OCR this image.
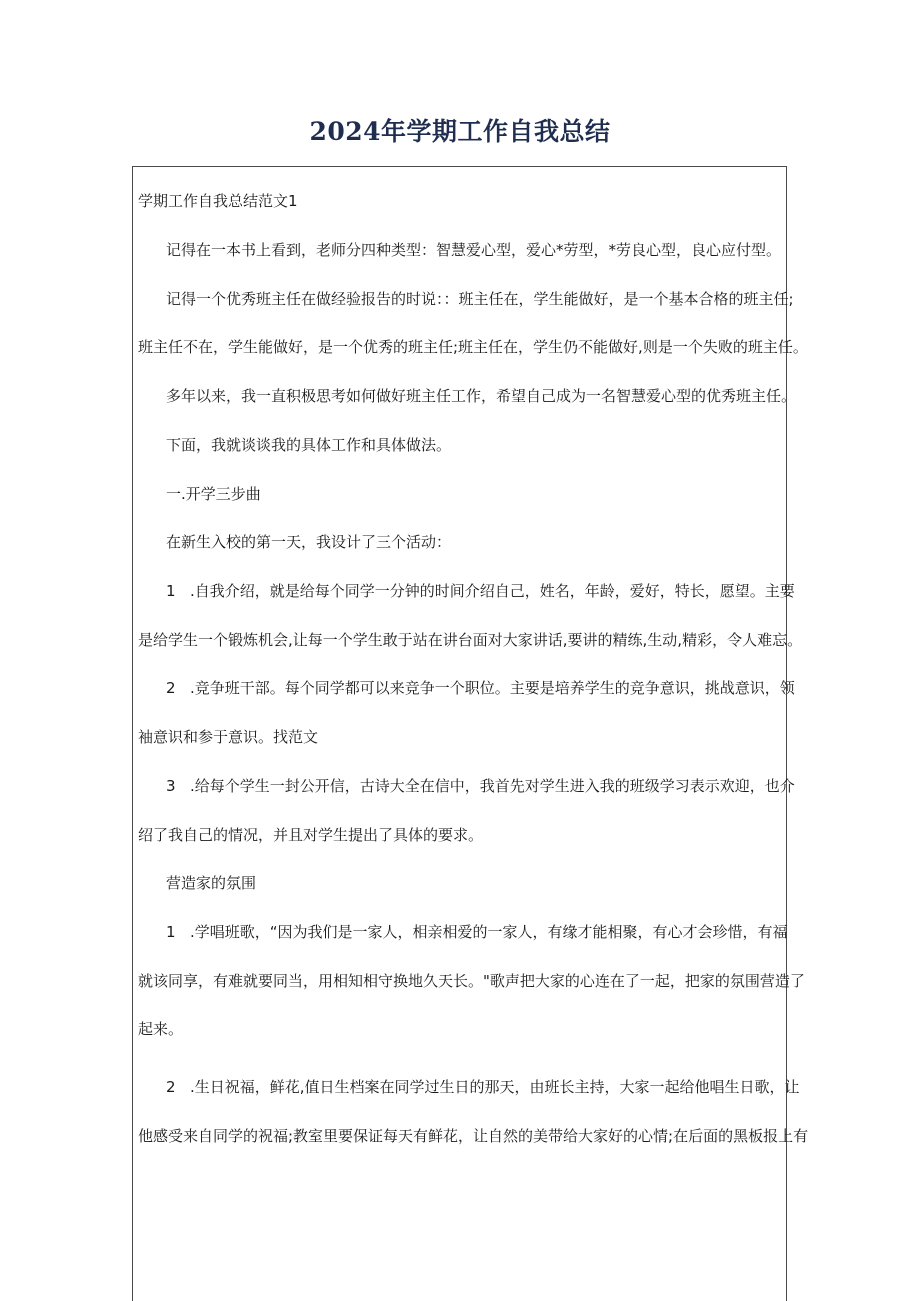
2024年学期工作自我总结
学期工作自我总结范文1
记得在一本书上看到，老师分四种类型：智慧爱心型，爱心*劳型，*劳良心型，良心应付型。
记得一个优秀班主任在做经验报告的时说：：班主任在，学生能做好，是一个基本合格的班主任;
班主任不在，学生能做好，是一个优秀的班主任;班主任在，学生仍不能做好,则是一个失败的班主任。
多年以来，我一直积极思考如何做好班主任工作，希望自己成为一名智慧爱心型的优秀班主任。
下面，我就谈谈我的具体工作和具体做法。
一.开学三步曲
在新生入校的第一天，我设计了三个活动：
1 .自我介绍，就是给每个同学一分钟的时间介绍自己，姓名，年龄，爱好，特长，愿望。主要
是给学生一个锻炼机会,让每一个学生敢于站在讲台面对大家讲话,要讲的精练,生动,精彩，令人难忘。
2 .竞争班干部。每个同学都可以来竞争一个职位。主要是培养学生的竞争意识，挑战意识，领
袖意识和参于意识。找范文
3 .给每个学生一封公开信，古诗大全在信中，我首先对学生进入我的班级学习表示欢迎，也介
绍了我自己的情况，并且对学生提出了具体的要求。
营造家的氛围
1 .学唱班歌，“因为我们是一家人，相亲相爱的一家人，有缘才能相聚，有心才会珍惜，有福
就该同享，有难就要同当，用相知相守换地久天长。"歌声把大家的心连在了一起，把家的氛围营造了
起来。
2 .生日祝福，鲜花,值日生档案在同学过生日的那天，由班长主持，大家一起给他唱生日歌，让
他感受来自同学的祝福;教室里要保证每天有鲜花，让自然的美带给大家好的心情;在后面的黑板报上有
